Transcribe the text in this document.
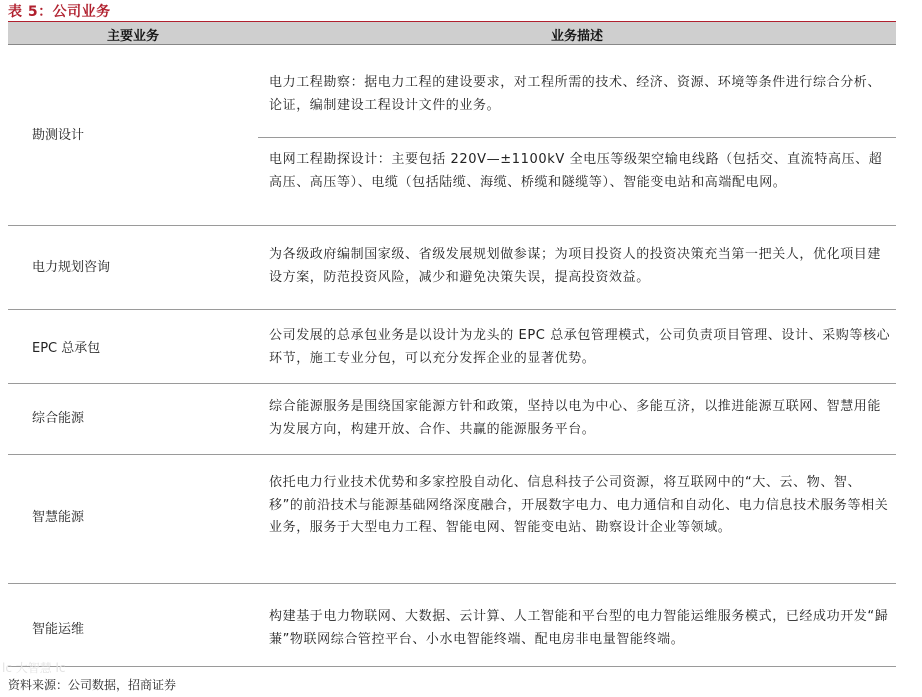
表 5：公司业务
主要业务	业务描述
勘测设计
电力工程勘察：据电力工程的建设要求，对工程所需的技术、经济、资源、环境等条件进行综合分析、论证，编制建设工程设计文件的业务。
电网工程勘探设计：主要包括 220V—±1100kV 全电压等级架空输电线路（包括交、直流特高压、超高压、高压等）、电缆（包括陆缆、海缆、桥缆和隧缆等）、智能变电站和高端配电网。
电力规划咨询
为各级政府编制国家级、省级发展规划做参谋；为项目投资人的投资决策充当第一把关人，优化项目建设方案，防范投资风险，减少和避免决策失误，提高投资效益。
EPC 总承包
公司发展的总承包业务是以设计为龙头的 EPC 总承包管理模式，公司负责项目管理、设计、采购等核心环节，施工专业分包，可以充分发挥企业的显著优势。
综合能源
综合能源服务是围绕国家能源方针和政策，坚持以电为中心、多能互济，以推进能源互联网、智慧用能为发展方向，构建开放、合作、共赢的能源服务平台。
智慧能源
依托电力行业技术优势和多家控股自动化、信息科技子公司资源，将互联网中的“大、云、物、智、移”的前沿技术与能源基础网络深度融合，开展数字电力、电力通信和自动化、电力信息技术服务等相关业务，服务于大型电力工程、智能电网、智能变电站、勘察设计企业等领域。
智能运维
构建基于电力物联网、大数据、云计算、人工智能和平台型的电力智能运维服务模式，已经成功开发“歸蒹”物联网综合管控平台、小水电智能终端、配电房非电量智能终端。
lc 大智慧 lc
资料来源：公司数据，招商证券
